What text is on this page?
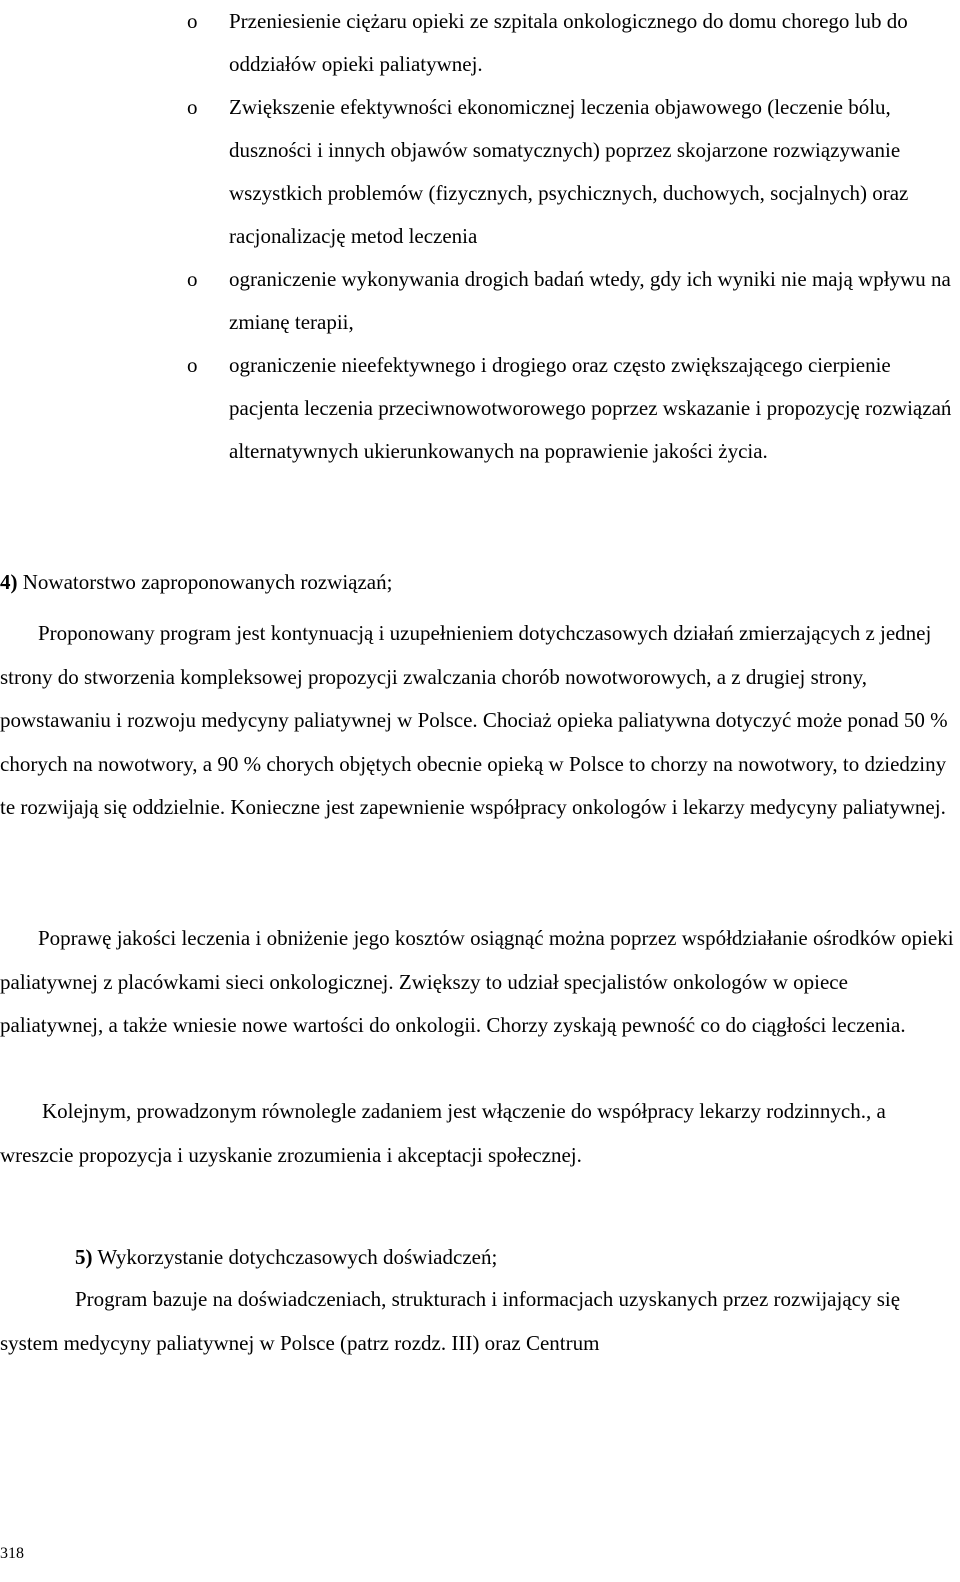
o Przeniesienie ciężaru opieki ze szpitala onkologicznego do domu chorego lub do oddziałów opieki paliatywnej.
o Zwiększenie efektywności ekonomicznej leczenia objawowego (leczenie bólu, duszności i innych objawów somatycznych) poprzez skojarzone rozwiązywanie wszystkich problemów (fizycznych, psychicznych, duchowych, socjalnych) oraz racjonalizację metod leczenia
o ograniczenie wykonywania drogich badań wtedy, gdy ich wyniki nie mają wpływu na zmianę terapii,
o ograniczenie nieefektywnego i drogiego oraz często zwiększającego cierpienie pacjenta leczenia przeciwnowotworowego poprzez wskazanie i propozycję rozwiązań alternatywnych ukierunkowanych na poprawienie jakości życia.
4) Nowatorstwo zaproponowanych rozwiązań;

Proponowany program jest kontynuacją i uzupełnieniem dotychczasowych działań zmierzających z jednej strony do stworzenia kompleksowej propozycji zwalczania chorób nowotworowych, a z drugiej strony, powstawaniu i rozwoju medycyny paliatywnej w Polsce. Chociaż opieka paliatywna dotyczyć może ponad 50 % chorych na nowotwory, a 90 % chorych objętych obecnie opieką w Polsce to chorzy na nowotwory, to dziedziny te rozwijają się oddzielnie. Konieczne jest zapewnienie współpracy onkologów i lekarzy medycyny paliatywnej.

Poprawę jakości leczenia i obniżenie jego kosztów osiągnąć można poprzez współdziałanie ośrodków opieki paliatywnej z placówkami sieci onkologicznej. Zwiększy to udział specjalistów onkologów w opiece paliatywnej, a także wniesie nowe wartości do onkologii. Chorzy zyskają pewność co do ciągłości leczenia.

Kolejnym, prowadzonym równolegle zadaniem jest włączenie do współpracy lekarzy rodzinnych., a wreszcie propozycja i uzyskanie zrozumienia i akceptacji społecznej.

5) Wykorzystanie dotychczasowych doświadczeń;

Program bazuje na doświadczeniach, strukturach i informacjach uzyskanych przez rozwijający się system medycyny paliatywnej w Polsce (patrz rozdz. III) oraz Centrum

318
